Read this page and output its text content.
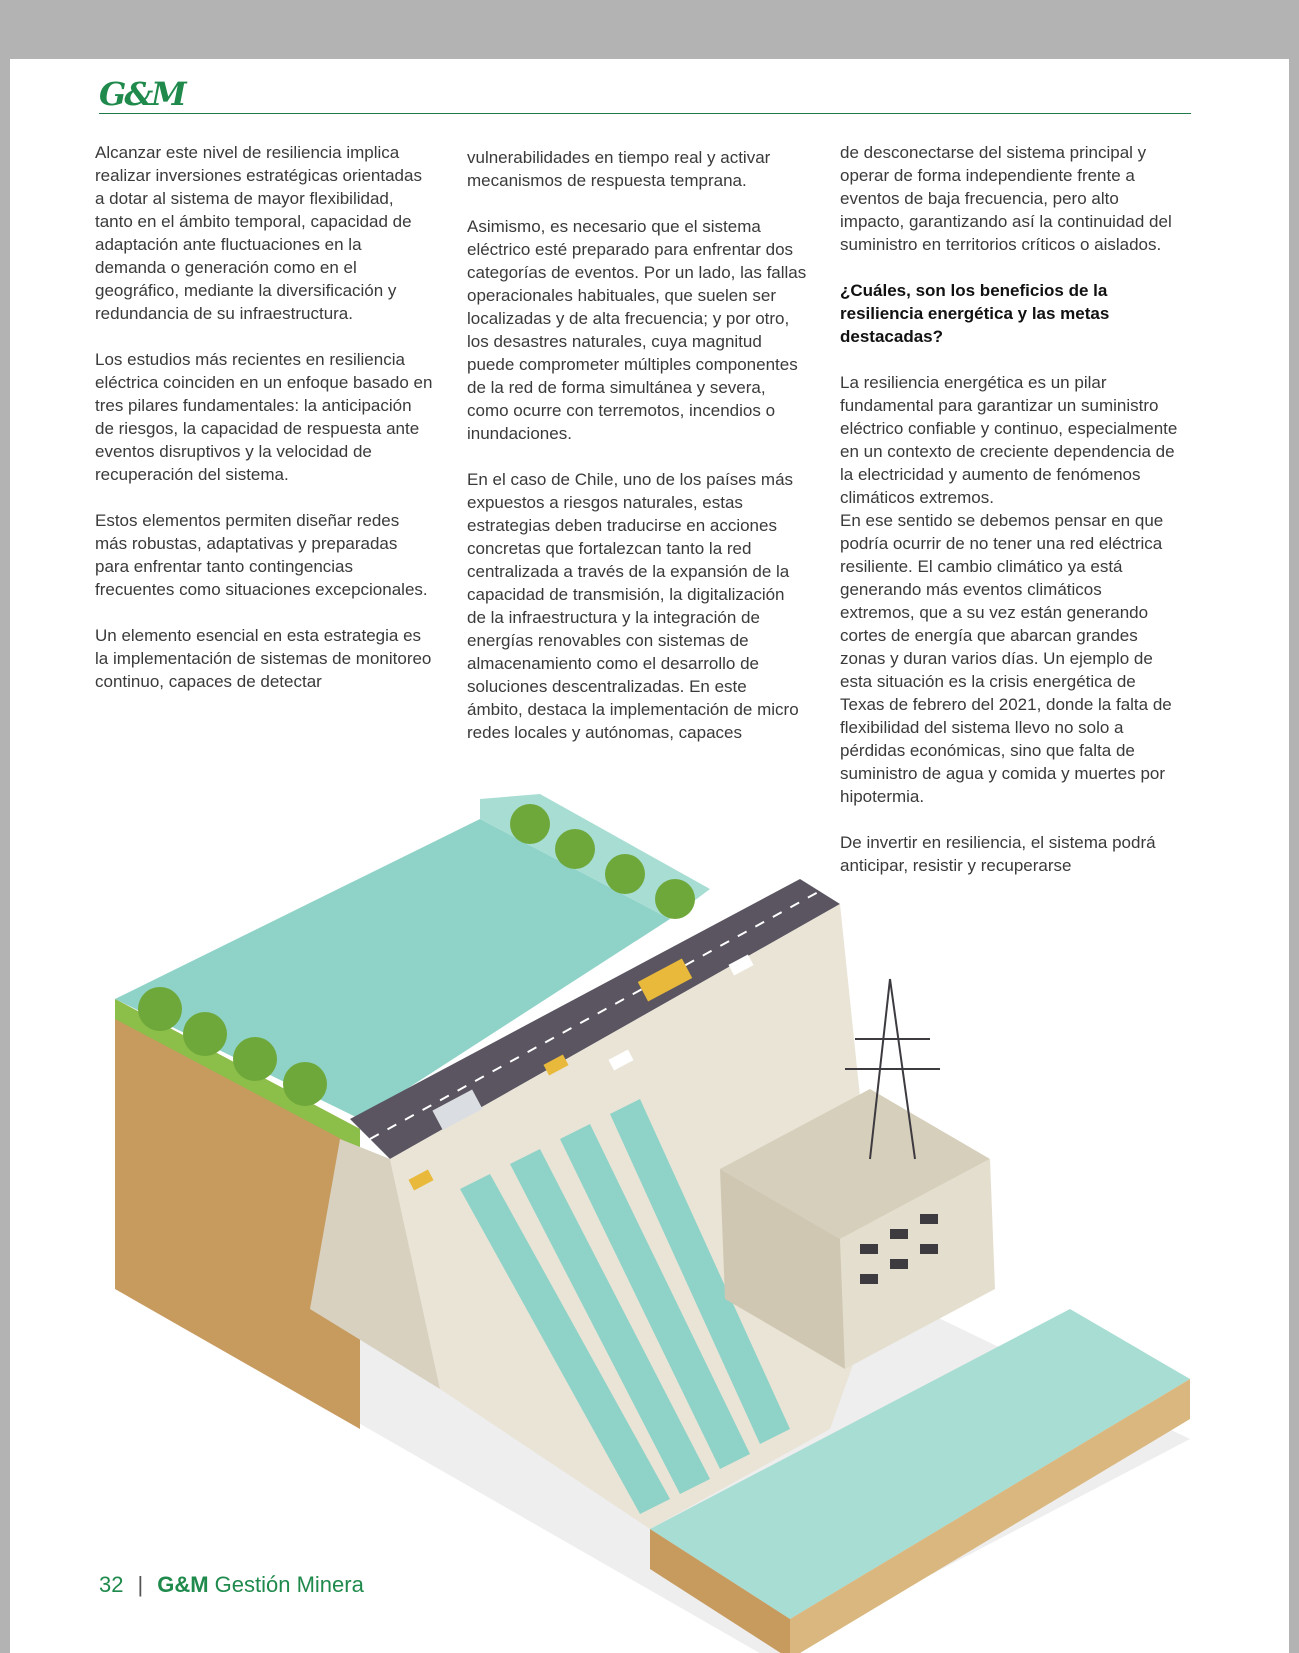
G&M

Alcanzar este nivel de resiliencia implica realizar inversiones estratégicas orientadas a dotar al sistema de mayor flexibilidad, tanto en el ámbito temporal, capacidad de adaptación ante fluctuaciones en la demanda o generación como en el geográfico, mediante la diversificación y redundancia de su infraestructura.

Los estudios más recientes en resiliencia eléctrica coinciden en un enfoque basado en tres pilares fundamentales: la anticipación de riesgos, la capacidad de respuesta ante eventos disruptivos y la velocidad de recuperación del sistema.

Estos elementos permiten diseñar redes más robustas, adaptativas y preparadas para enfrentar tanto contingencias frecuentes como situaciones excepcionales.

Un elemento esencial en esta estrategia es la implementación de sistemas de monitoreo continuo, capaces de detectar

vulnerabilidades en tiempo real y activar mecanismos de respuesta temprana.

Asimismo, es necesario que el sistema eléctrico esté preparado para enfrentar dos categorías de eventos. Por un lado, las fallas operacionales habituales, que suelen ser localizadas y de alta frecuencia; y por otro, los desastres naturales, cuya magnitud puede comprometer múltiples componentes de la red de forma simultánea y severa, como ocurre con terremotos, incendios o inundaciones.

En el caso de Chile, uno de los países más expuestos a riesgos naturales, estas estrategias deben traducirse en acciones concretas que fortalezcan tanto la red centralizada a través de la expansión de la capacidad de transmisión, la digitalización de la infraestructura y la integración de energías renovables con sistemas de almacenamiento como el desarrollo de soluciones descentralizadas. En este ámbito, destaca la implementación de micro redes locales y autónomas, capaces

de desconectarse del sistema principal y operar de forma independiente frente a eventos de baja frecuencia, pero alto impacto, garantizando así la continuidad del suministro en territorios críticos o aislados.

¿Cuáles, son los beneficios de la resiliencia energética y las metas destacadas?

La resiliencia energética es un pilar fundamental para garantizar un suministro eléctrico confiable y continuo, especialmente en un contexto de creciente dependencia de la electricidad y aumento de fenómenos climáticos extremos.

En ese sentido se debemos pensar en que podría ocurrir de no tener una red eléctrica resiliente. El cambio climático ya está generando más eventos climáticos extremos, que a su vez están generando cortes de energía que abarcan grandes zonas y duran varios días. Un ejemplo de esta situación es la crisis energética de Texas de febrero del 2021, donde la falta de flexibilidad del sistema llevo no solo a pérdidas económicas, sino que falta de suministro de agua y comida y muertes por hipotermia.

De invertir en resiliencia, el sistema podrá anticipar, resistir y recuperarse

32 | G&M Gestión Minera
